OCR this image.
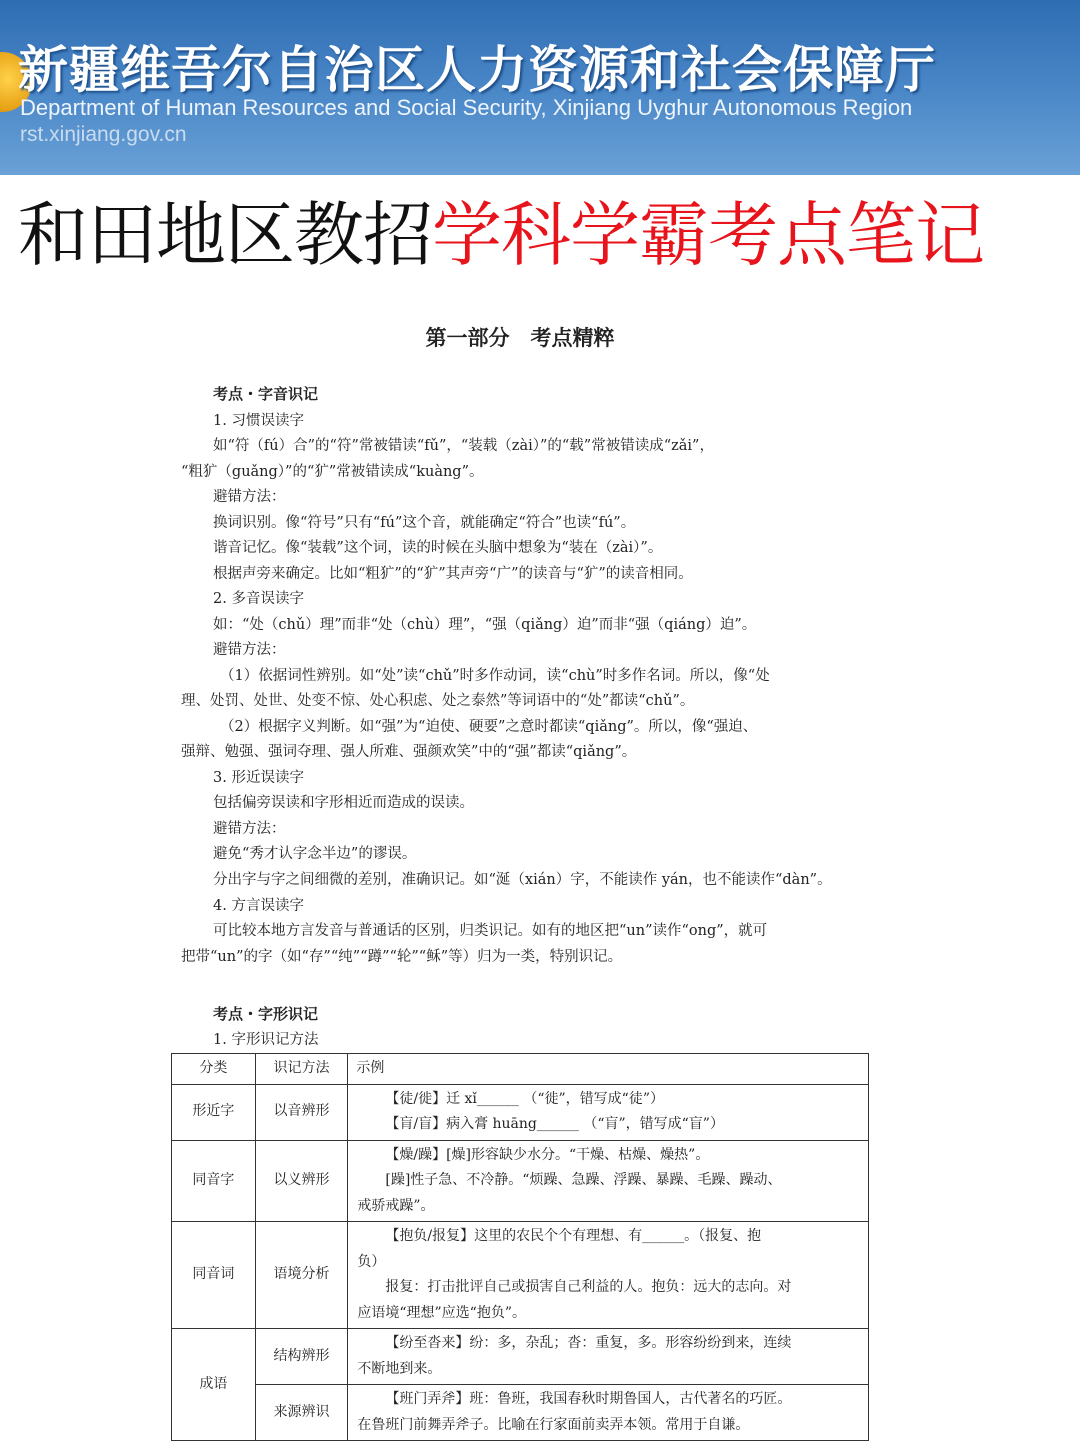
新疆维吾尔自治区人力资源和社会保障厅
Department of Human Resources and Social Security, Xinjiang Uyghur Autonomous Region
rst.xinjiang.gov.cn
和田地区教招学科学霸考点笔记
第一部分　考点精粹
考点・字音识记
1. 习惯误读字
如“符（fú）合”的“符”常被错读“fǔ”，“装载（zài）”的“载”常被错读成“zǎi”，
“粗犷（guǎng）”的“犷”常被错读成“kuàng”。
避错方法：
换词识别。像“符号”只有“fú”这个音，就能确定“符合”也读“fú”。
谐音记忆。像“装载”这个词，读的时候在头脑中想象为“装在（zài）”。
根据声旁来确定。比如“粗犷”的“犷”其声旁“广”的读音与“犷”的读音相同。
2. 多音误读字
如：“处（chǔ）理”而非“处（chù）理”，“强（qiǎng）迫”而非“强（qiáng）迫”。
避错方法：
（1）依据词性辨别。如“处”读“chǔ”时多作动词，读“chù”时多作名词。所以，像“处
理、处罚、处世、处变不惊、处心积虑、处之泰然”等词语中的“处”都读“chǔ”。
（2）根据字义判断。如“强”为“迫使、硬要”之意时都读“qiǎng”。所以，像“强迫、
强辩、勉强、强词夺理、强人所难、强颜欢笑”中的“强”都读“qiǎng”。
3. 形近误读字
包括偏旁误读和字形相近而造成的误读。
避错方法：
避免“秀才认字念半边”的谬误。
分出字与字之间细微的差别，准确识记。如“涎（xián）字，不能读作 yán，也不能读作“dàn”。
4. 方言误读字
可比较本地方言发音与普通话的区别，归类识记。如有的地区把“un”读作“ong”，就可
把带“un”的字（如“存”“纯”“蹲”“轮”“稣”等）归为一类，特别识记。
考点・字形识记
1. 字形识记方法
分类	识记方法	示例
形近字	以音辨形	【徒/徙】迁 xǐ______ （“徙”，错写成“徒”）
【肓/盲】病入膏 huāng______ （“肓”，错写成“盲”）

同音字	以义辨形	【燥/躁】[燥]形容缺少水分。“干燥、枯燥、燥热”。
[躁]性子急、不冷静。“烦躁、急躁、浮躁、暴躁、毛躁、躁动、
戒骄戒躁”。

同音词	语境分析	【抱负/报复】这里的农民个个有理想、有______。（报复、抱
负）
报复：打击批评自己或损害自己利益的人。抱负：远大的志向。对
应语境“理想”应选“抱负”。

成语	结构辨形	【纷至沓来】纷：多，杂乱；沓：重复，多。形容纷纷到来，连续
不断地到来。

	来源辨识	【班门弄斧】班：鲁班，我国春秋时期鲁国人，古代著名的巧匠。
在鲁班门前舞弄斧子。比喻在行家面前卖弄本领。常用于自谦。
